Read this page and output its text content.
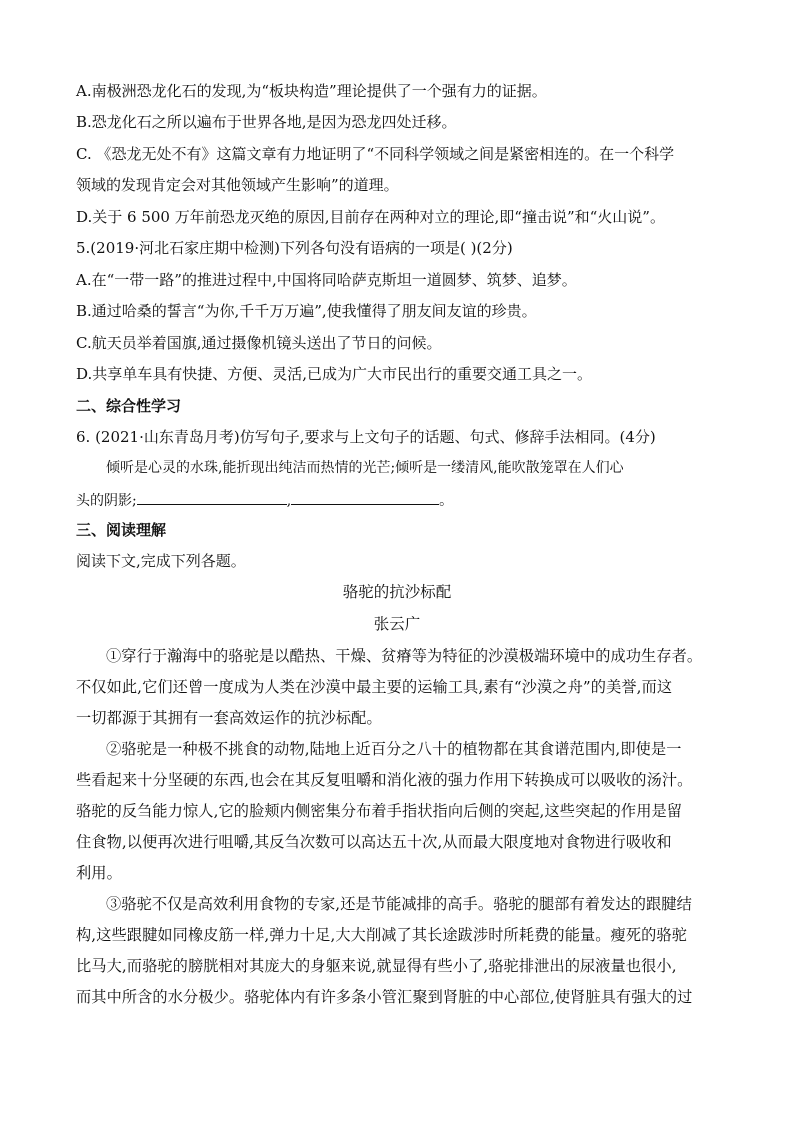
A.南极洲恐龙化石的发现,为“板块构造”理论提供了一个强有力的证据。
B.恐龙化石之所以遍布于世界各地,是因为恐龙四处迁移。
C. 《恐龙无处不有》这篇文章有力地证明了“不同科学领域之间是紧密相连的。在一个科学
领域的发现肯定会对其他领域产生影响”的道理。
D.关于 6 500 万年前恐龙灭绝的原因,目前存在两种对立的理论,即“撞击说”和“火山说”。
5.(2019·河北石家庄期中检测)下列各句没有语病的一项是( )(2分)
A.在“一带一路”的推进过程中,中国将同哈萨克斯坦一道圆梦、筑梦、追梦。
B.通过哈桑的誓言“为你,千千万万遍”,使我懂得了朋友间友谊的珍贵。
C.航天员举着国旗,通过摄像机镜头送出了节日的问候。
D.共享单车具有快捷、方便、灵活,已成为广大市民出行的重要交通工具之一。
二、综合性学习
6. (2021·山东青岛月考)仿写句子,要求与上文句子的话题、句式、修辞手法相同。(4分)
倾听是心灵的水珠,能折现出纯洁而热情的光芒;倾听是一缕清风,能吹散笼罩在人们心
头的阴影;	,	。
三、阅读理解
阅读下文,完成下列各题。
骆驼的抗沙标配
张云广
①穿行于瀚海中的骆驼是以酷热、干燥、贫瘠等为特征的沙漠极端环境中的成功生存者。
不仅如此,它们还曾一度成为人类在沙漠中最主要的运输工具,素有“沙漠之舟”的美誉,而这
一切都源于其拥有一套高效运作的抗沙标配。
②骆驼是一种极不挑食的动物,陆地上近百分之八十的植物都在其食谱范围内,即使是一
些看起来十分坚硬的东西,也会在其反复咀嚼和消化液的强力作用下转换成可以吸收的汤汁。
骆驼的反刍能力惊人,它的脸颊内侧密集分布着手指状指向后侧的突起,这些突起的作用是留
住食物,以便再次进行咀嚼,其反刍次数可以高达五十次,从而最大限度地对食物进行吸收和
利用。
③骆驼不仅是高效利用食物的专家,还是节能减排的高手。骆驼的腿部有着发达的跟腱结
构,这些跟腱如同橡皮筋一样,弹力十足,大大削减了其长途跋涉时所耗费的能量。瘦死的骆驼
比马大,而骆驼的膀胱相对其庞大的身躯来说,就显得有些小了,骆驼排泄出的尿液量也很小,
而其中所含的水分极少。骆驼体内有许多条小管汇聚到肾脏的中心部位,使肾脏具有强大的过
